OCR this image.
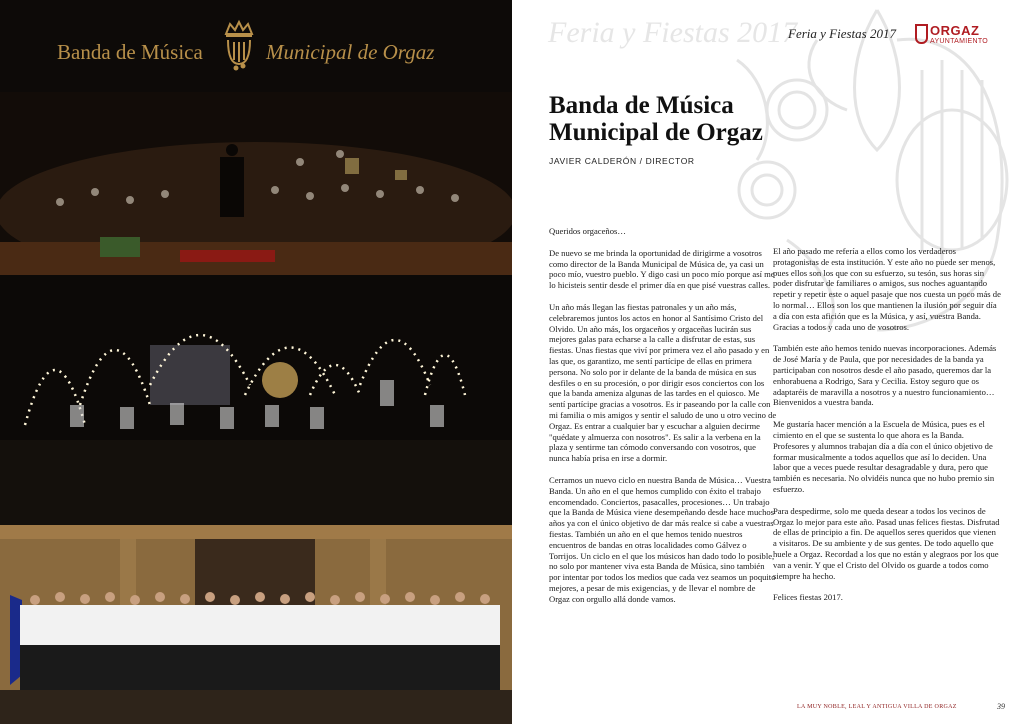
Banda de Música	Municipal de Orgaz
Feria y Fiestas 2017
Feria y Fiestas 2017	ORGAZ
AYUNTAMIENTO
Banda de Música
Municipal de Orgaz
JAVIER CALDERÓN / DIRECTOR

Queridos orgaceños…

De nuevo se me brinda la oportunidad de dirigirme a vosotros como director de la Banda Municipal de Música de, ya casi un poco mío, vuestro pueblo. Y digo casi un poco mío porque así me lo hicisteis sentir desde el primer día en que pisé vuestras calles.

Un año más llegan las fiestas patronales y un año más, celebraremos juntos los actos en honor al Santísimo Cristo del Olvido. Un año más, los orgaceños y orgaceñas lucirán sus mejores galas para echarse a la calle a disfrutar de estas, sus fiestas. Unas fiestas que viví por primera vez el año pasado y en las que, os garantizo, me sentí partícipe de ellas en primera persona. No solo por ir delante de la banda de música en sus desfiles o en su procesión, o por dirigir esos conciertos con los que la banda ameniza algunas de las tardes en el quiosco. Me sentí partícipe gracias a vosotros. Es ir paseando por la calle con mi familia o mis amigos y sentir el saludo de uno u otro vecino de Orgaz. Es entrar a cualquier bar y escuchar a alguien decirme "quédate y almuerza con nosotros". Es salir a la verbena en la plaza y sentirme tan cómodo conversando con vosotros, que nunca había prisa en irse a dormir.

Cerramos un nuevo ciclo en nuestra Banda de Música… Vuestra Banda. Un año en el que hemos cumplido con éxito el trabajo encomendado. Conciertos, pasacalles, procesiones… Un trabajo que la Banda de Música viene desempeñando desde hace muchos años ya con el único objetivo de dar más realce si cabe a vuestras fiestas. También un año en el que hemos tenido nuestros encuentros de bandas en otras localidades como Gálvez o Torrijos. Un ciclo en el que los músicos han dado todo lo posible, no solo por mantener viva esta Banda de Música, sino también por intentar por todos los medios que cada vez seamos un poquito mejores, a pesar de mis exigencias, y de llevar el nombre de Orgaz con orgullo allá donde vamos.

El año pasado me refería a ellos como los verdaderos protagonistas de esta institución. Y este año no puede ser menos, pues ellos son los que con su esfuerzo, su tesón, sus horas sin poder disfrutar de familiares o amigos, sus noches aguantando repetir y repetir este o aquel pasaje que nos cuesta un poco más de lo normal… Ellos son los que mantienen la ilusión por seguir día a día con esta afición que es la Música, y así, vuestra Banda. Gracias a todos y cada uno de vosotros.

También este año hemos tenido nuevas incorporaciones. Además de José María y de Paula, que por necesidades de la banda ya participaban con nosotros desde el año pasado, queremos dar la enhorabuena a Rodrigo, Sara y Cecilia. Estoy seguro que os adaptaréis de maravilla a nosotros y a nuestro funcionamiento… Bienvenidos a vuestra banda.

Me gustaría hacer mención a la Escuela de Música, pues es el cimiento en el que se sustenta lo que ahora es la Banda. Profesores y alumnos trabajan día a día con el único objetivo de formar musicalmente a todos aquellos que así lo deciden. Una labor que a veces puede resultar desagradable y dura, pero que también es necesaria. No olvidéis nunca que no hubo premio sin esfuerzo.

Para despedirme, solo me queda desear a todos los vecinos de Orgaz lo mejor para este año. Pasad unas felices fiestas. Disfrutad de ellas de principio a fin. De aquellos seres queridos que vienen a visitaros. De su ambiente y de sus gentes. De todo aquello que huele a Orgaz. Recordad a los que no están y alegraos por los que van a venir. Y que el Cristo del Olvido os guarde a todos como siempre ha hecho.

Felices fiestas 2017.

LA MUY NOBLE, LEAL Y ANTIGUA VILLA DE ORGAZ	39
